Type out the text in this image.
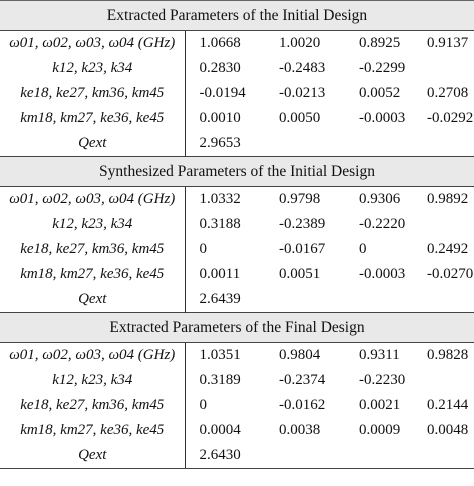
Extracted Parameters of the Initial Design				
ω01, ω02, ω03, ω04 (GHz)	1.0668	1.0020	0.8925	0.9137
k12, k23, k34	0.2830	-0.2483	-0.2299	
ke18, ke27, km36, km45	-0.0194	-0.0213	0.0052	0.2708
km18, km27, ke36, ke45	0.0010	0.0050	-0.0003	-0.0292
Qext	2.9653			
Synthesized Parameters of the Initial Design				
ω01, ω02, ω03, ω04 (GHz)	1.0332	0.9798	0.9306	0.9892
k12, k23, k34	0.3188	-0.2389	-0.2220	
ke18, ke27, km36, km45	0	-0.0167	0	0.2492
km18, km27, ke36, ke45	0.0011	0.0051	-0.0003	-0.0270
Qext	2.6439			
Extracted Parameters of the Final Design				
ω01, ω02, ω03, ω04 (GHz)	1.0351	0.9804	0.9311	0.9828
k12, k23, k34	0.3189	-0.2374	-0.2230	
ke18, ke27, km36, km45	0	-0.0162	0.0021	0.2144
km18, km27, ke36, ke45	0.0004	0.0038	0.0009	0.0048
Qext	2.6430			
